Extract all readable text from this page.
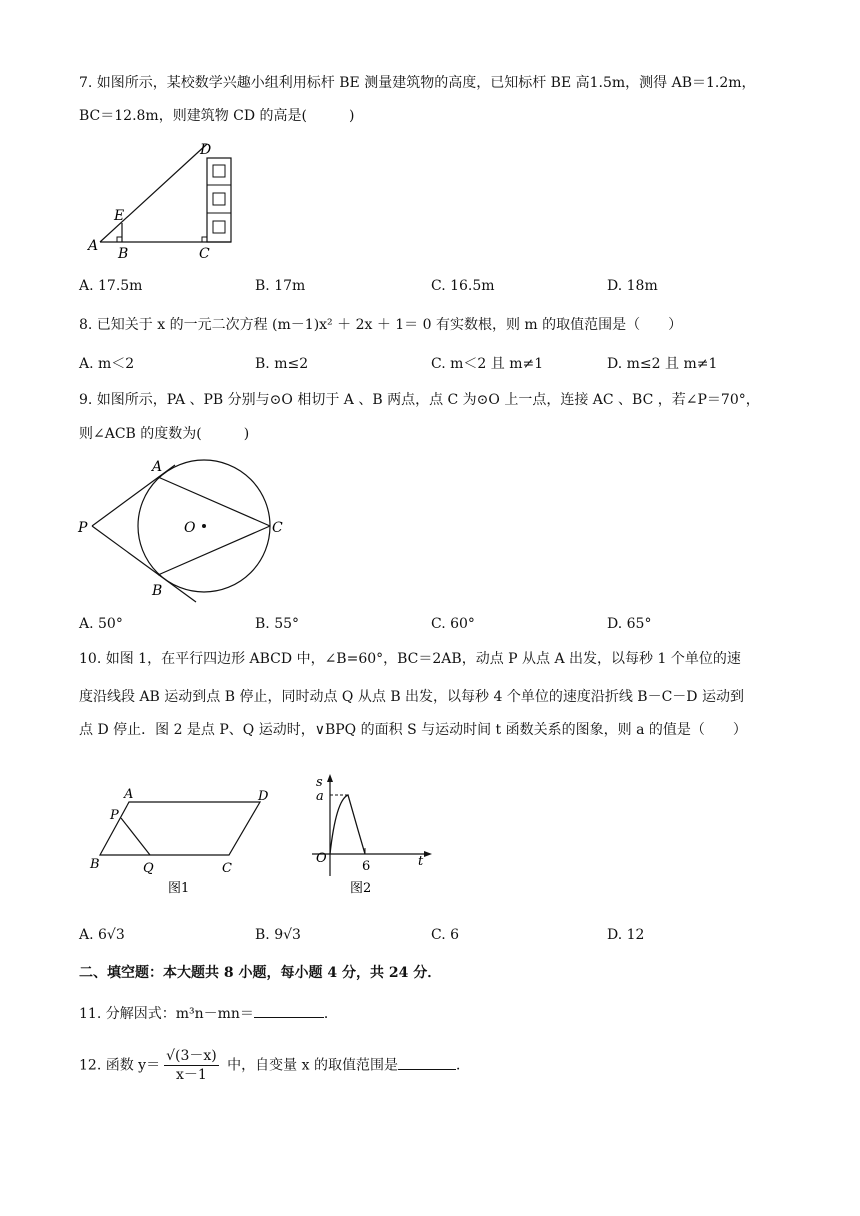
7. 如图所示，某校数学兴趣小组利用标杆 BE 测量建筑物的高度，已知标杆 BE 高1.5m，测得 AB＝1.2m，
BC＝12.8m，则建筑物 CD 的高是(　　　)
D
E
A B	C
A. 17.5m	B. 17m	C. 16.5m	D. 18m
8. 已知关于 x 的一元二次方程 (m－1)x² ＋ 2x ＋ 1＝ 0 有实数根，则 m 的取值范围是（　　）
A. m＜2	B. m≤2	C. m＜2 且 m≠1	D. m≤2 且 m≠1
9. 如图所示，PA 、PB 分别与⊙O 相切于 A 、B 两点，点 C 为⊙O 上一点，连接 AC 、BC ，若∠P＝70°，
则∠ACB 的度数为(　　　)
A
B
C
P	O
A. 50°	B. 55°	C. 60°	D. 65°
10. 如图 1，在平行四边形 ABCD 中，∠B=60°，BC＝2AB，动点 P 从点 A 出发，以每秒 1 个单位的速
度沿线段 AB 运动到点 B 停止，同时动点 Q 从点 B 出发，以每秒 4 个单位的速度沿折线 B－C－D 运动到
点 D 停止．图 2 是点 P、Q 运动时，∨BPQ 的面积 S 与运动时间 t 函数关系的图象，则 a 的值是（　　）
A	D
P
B	Q	C
图1
s
a
O
6	t
图2
A. 6√3	B. 9√3	C. 6	D. 12
二、填空题：本大题共 8 小题，每小题 4 分，共 24 分．
11. 分解因式：m³n－mn＝	．
12. 函数 $y= \frac{√(3-x)}{x-1}$ 中，自变量 x 的取值范围是	．
